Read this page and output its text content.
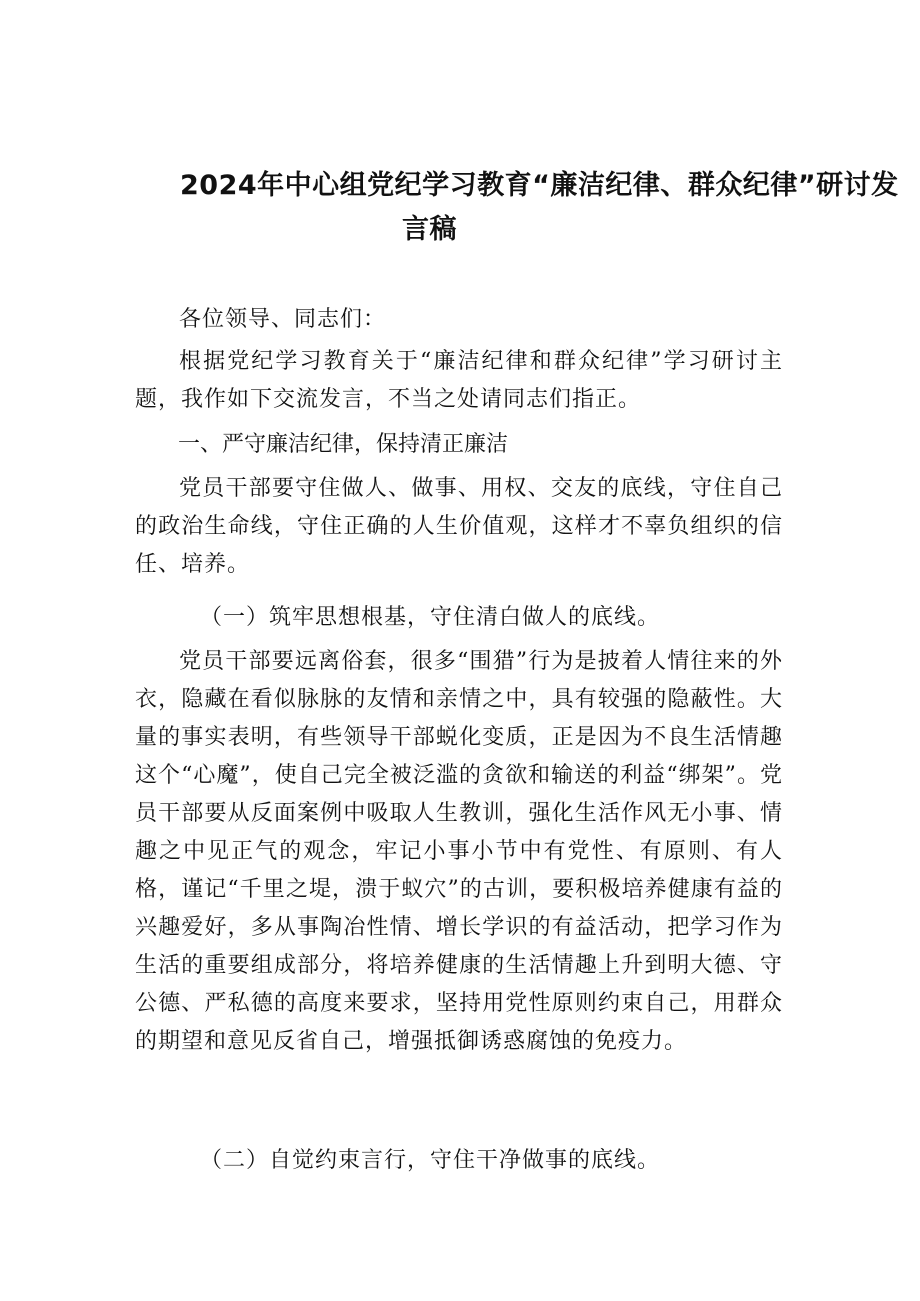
2024年中心组党纪学习教育“廉洁纪律、群众纪律”研讨发
言稿
各位领导、同志们：
根据党纪学习教育关于“廉洁纪律和群众纪律”学习研讨主题，我作如下交流发言，不当之处请同志们指正。
一、严守廉洁纪律，保持清正廉洁
党员干部要守住做人、做事、用权、交友的底线，守住自己的政治生命线，守住正确的人生价值观，这样才不辜负组织的信任、培养。
（一）筑牢思想根基，守住清白做人的底线。
党员干部要远离俗套，很多“围猎”行为是披着人情往来的外衣，隐藏在看似脉脉的友情和亲情之中，具有较强的隐蔽性。大量的事实表明，有些领导干部蜕化变质，正是因为不良生活情趣这个“心魔”，使自己完全被泛滥的贪欲和输送的利益“绑架”。党员干部要从反面案例中吸取人生教训，强化生活作风无小事、情趣之中见正气的观念，牢记小事小节中有党性、有原则、有人格，谨记“千里之堤，溃于蚁穴”的古训，要积极培养健康有益的兴趣爱好，多从事陶冶性情、增长学识的有益活动，把学习作为生活的重要组成部分，将培养健康的生活情趣上升到明大德、守公德、严私德的高度来要求，坚持用党性原则约束自己，用群众的期望和意见反省自己，增强抵御诱惑腐蚀的免疫力。
（二）自觉约束言行，守住干净做事的底线。
